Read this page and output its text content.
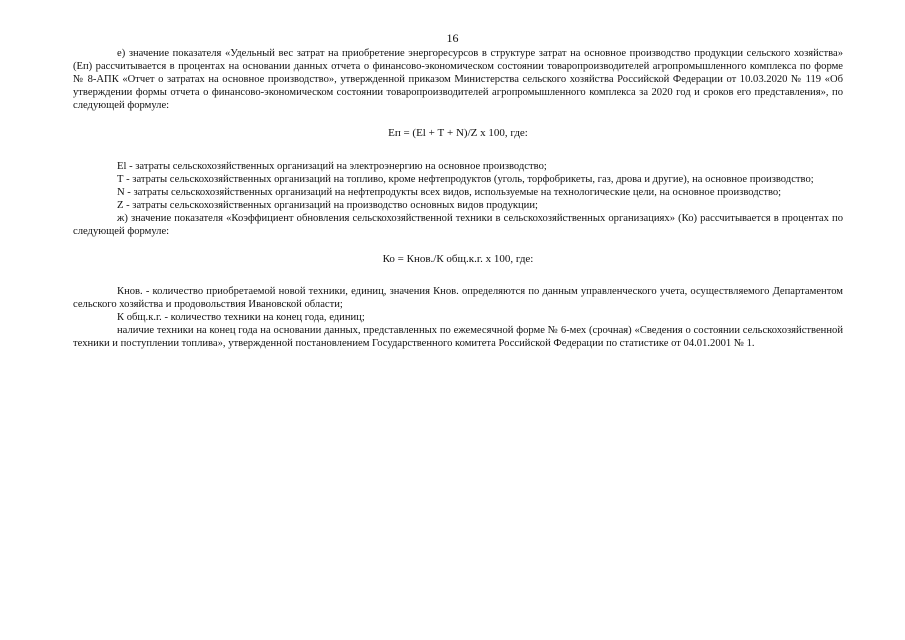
16

е) значение показателя «Удельный вес затрат на приобретение энергоресурсов в структуре затрат на основное производство продукции сельского хозяйства» (Еп) рассчитывается в процентах на основании данных отчета о финансово-экономическом состоянии товаропроизводителей агропромышленного комплекса по форме № 8-АПК «Отчет о затратах на основное производство», утвержденной приказом Министерства сельского хозяйства Российской Федерации от 10.03.2020 № 119 «Об утверждении формы отчета о финансово-экономическом состоянии товаропроизводителей агропромышленного комплекса за 2020 год и сроков его представления», по следующей формуле:

Еп = (El + Т + N)/Z х 100, где:

El - затраты сельскохозяйственных организаций на электроэнергию на основное производство;

Т - затраты сельскохозяйственных организаций на топливо, кроме нефтепродуктов (уголь, торфобрикеты, газ, дрова и другие), на основное производство;

N - затраты сельскохозяйственных организаций на нефтепродукты всех видов, используемые на технологические цели, на основное производство;

Z - затраты сельскохозяйственных организаций на производство основных видов продукции;

ж) значение показателя «Коэффициент обновления сельскохозяйственной техники в сельскохозяйственных организациях» (Ко) рассчитывается в процентах по следующей формуле:

Ко = Кнов./К общ.к.г. х 100, где:

Кнов. - количество приобретаемой новой техники, единиц, значения Кнов. определяются по данным управленческого учета, осуществляемого Департаментом сельского хозяйства и продовольствия Ивановской области;

К общ.к.г. - количество техники на конец года, единиц;

наличие техники на конец года на основании данных, представленных по ежемесячной форме № 6-мех (срочная) «Сведения о состоянии сельскохозяйственной техники и поступлении топлива», утвержденной постановлением Государственного комитета Российской Федерации по статистике от 04.01.2001 № 1.
